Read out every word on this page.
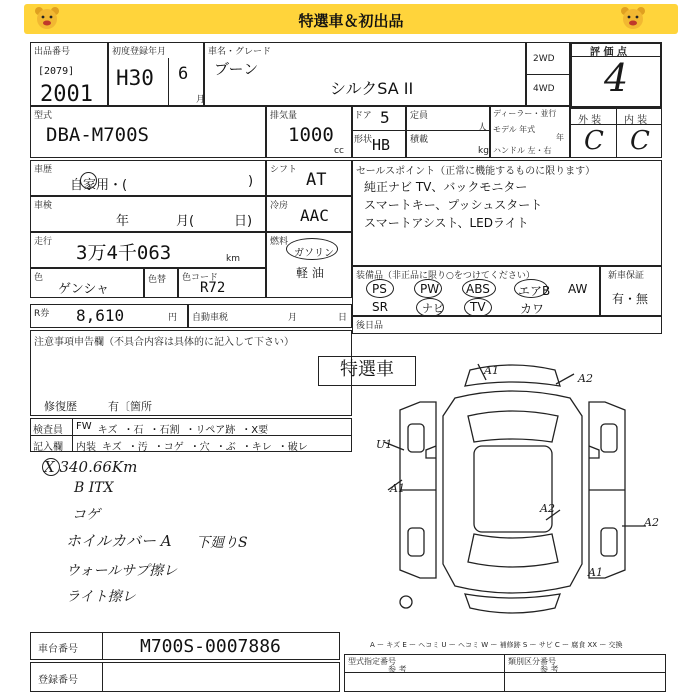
特選車＆初出品
出品番号
[2079]
2001
初度登録年月
H30 6
月
車名・グレード
ブーン
シルクSA II
2WD
4WD
評 価 点
4
外 装 内 装
C C
型式
DBA-M700S
排気量
1000
cc
ドア 5
形状 HB
定員
人
積載
kg
ディーラー・並行
モデル 年式
年
ハンドル 左・右
車歴
自家用・(	)
車検
年	月(	日)
走行 3万4千063	km
色
ゲンシャ
色替 色コード
R72
R券 8,610	円 自動車税	月	日
シフト AT
冷房 AAC
燃料
ガソリン
軽 油
セールスポイント（正常に機能するものに限ります）
純正ナビ TV、バックモニター
スマートキー、プッシュスタート
スマートアシスト、LEDライト
装備品（非正品に限り○をつけてください）
PS	PW ABS エアB AW
SR	ナビ TV	カワ
新車保証
有・無
後日品
注意事項申告欄（不具合内容は具体的に記入して下さい）
特選車
修復歴	有〔箇所
検査員
記入欄
FW キズ ・石 ・石割 ・リペア跡 ・X要
内装 キズ ・汚 ・コゲ ・穴 ・ぶ ・キレ ・破レ
X 340.66Km
B ITX
コゲ
ホイルカバー A 下廻りS
ウォールサプ擦レ
ライト擦レ
A1
A2
U1
A1
A2
A1
A2
A ー キズ E ー ヘコミ U ー ヘコミ W ー 補修跡 S ー サビ C ー 腐食 XX ー 交換
車台番号	M700S-0007886
登録番号
型式指定番号
参 考
類別区分番号
参 考
